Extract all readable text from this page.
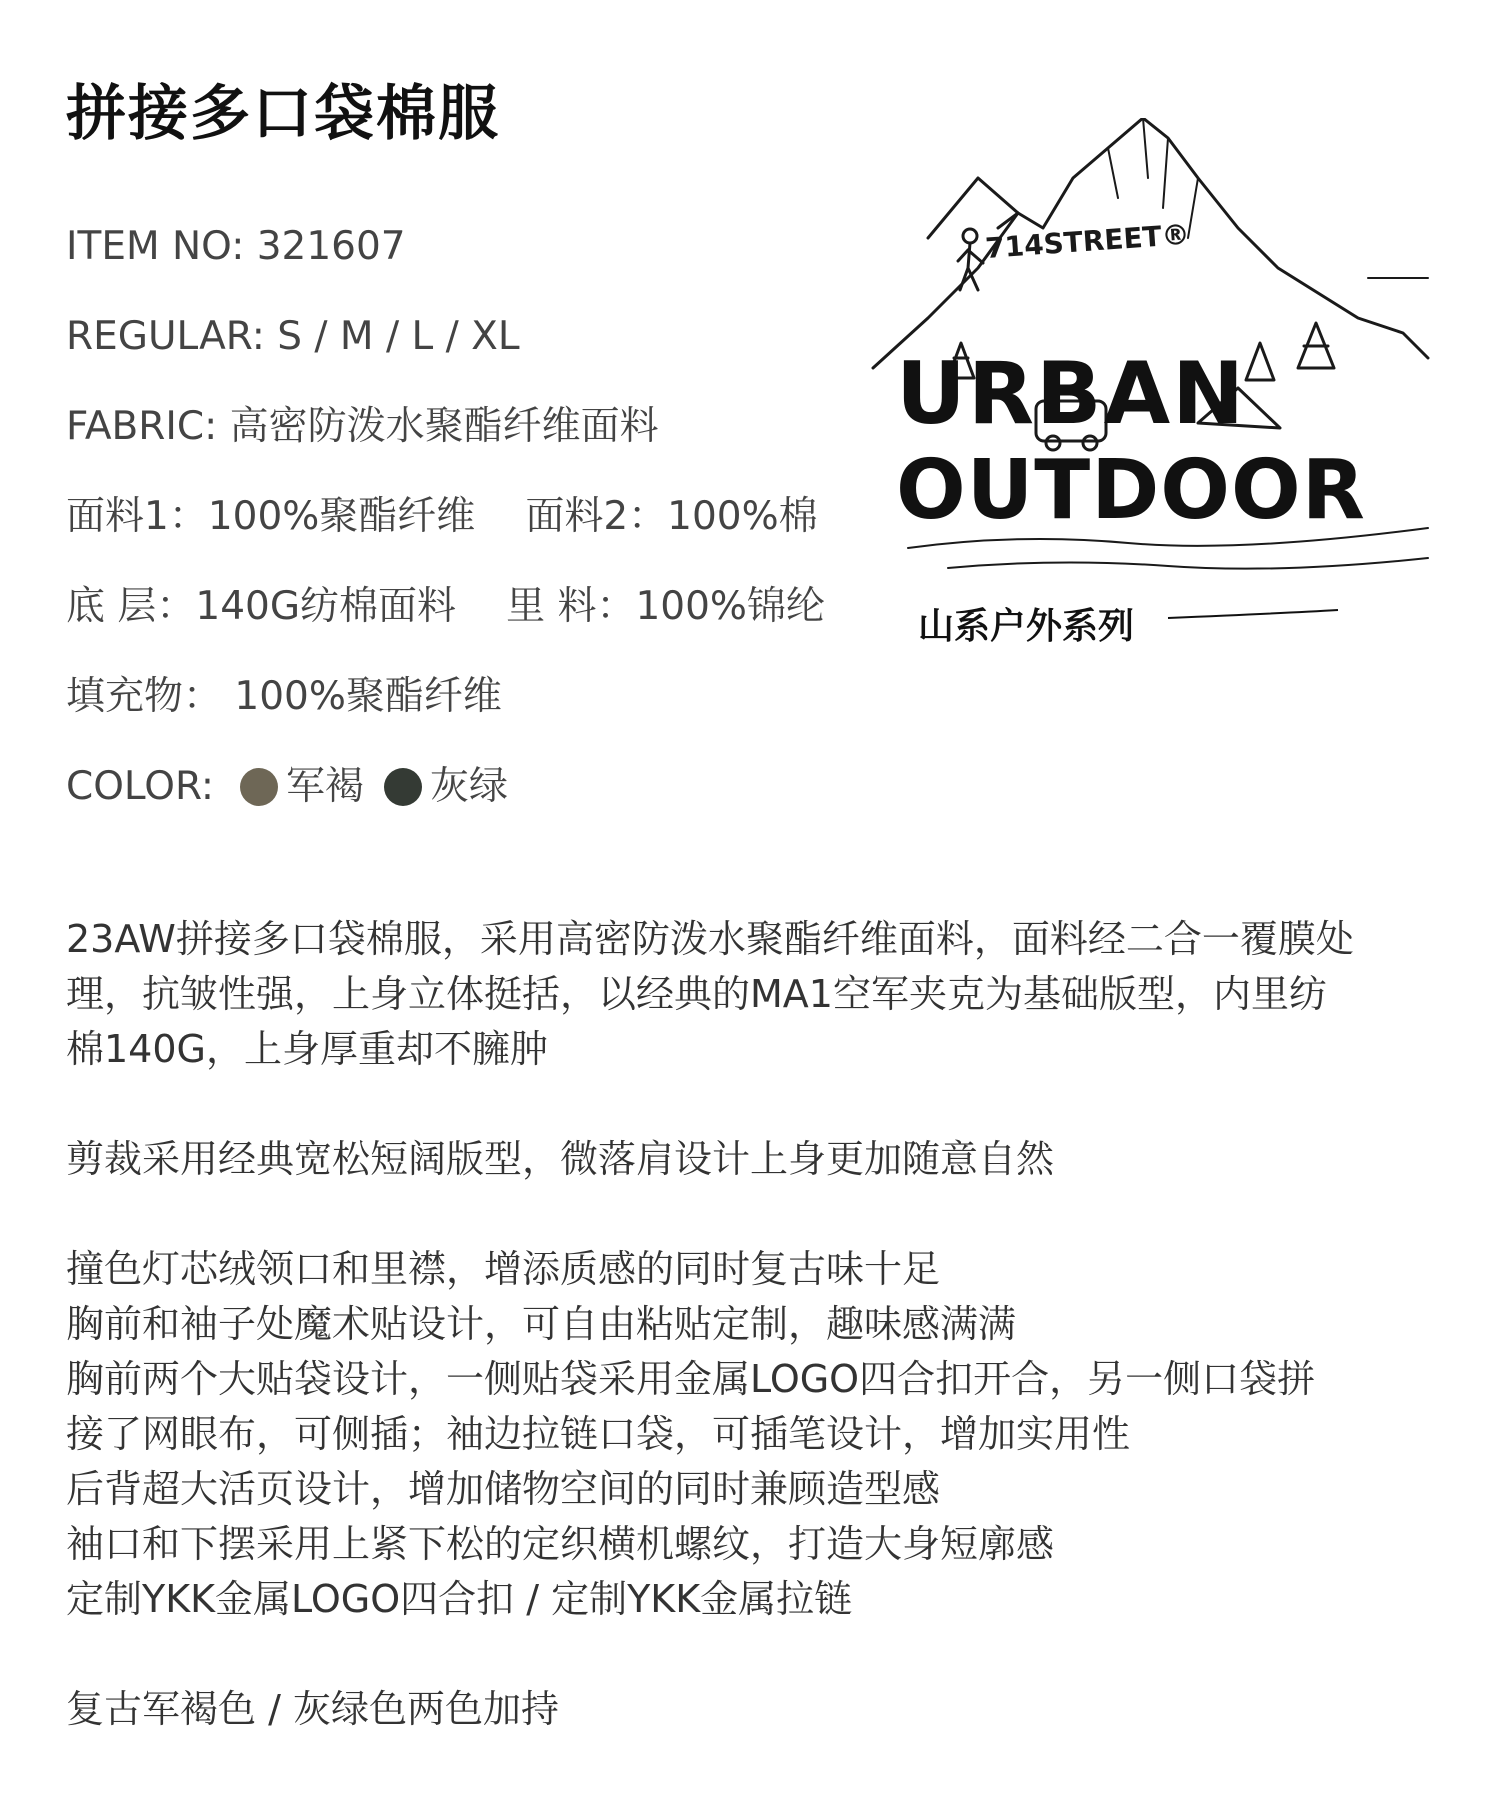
拼接多口袋棉服
ITEM NO: 321607
REGULAR: S / M / L / XL
FABRIC: 高密防泼水聚酯纤维面料
面料1：100%聚酯纤维 面料2：100%棉
底 层：140G纺棉面料 里 料：100%锦纶
填充物： 100%聚酯纤维
COLOR: 军褐 灰绿
714STREET®
URBAN
OUTDOOR
山系户外系列
23AW拼接多口袋棉服，采用高密防泼水聚酯纤维面料，面料经二合一覆膜处
理，抗皱性强，上身立体挺括，以经典的MA1空军夹克为基础版型，内里纺
棉140G，上身厚重却不臃肿
剪裁采用经典宽松短阔版型，微落肩设计上身更加随意自然
撞色灯芯绒领口和里襟，增添质感的同时复古味十足
胸前和袖子处魔术贴设计，可自由粘贴定制，趣味感满满
胸前两个大贴袋设计，一侧贴袋采用金属LOGO四合扣开合，另一侧口袋拼
接了网眼布，可侧插；袖边拉链口袋，可插笔设计，增加实用性
后背超大活页设计，增加储物空间的同时兼顾造型感
袖口和下摆采用上紧下松的定织横机螺纹，打造大身短廓感
定制YKK金属LOGO四合扣 / 定制YKK金属拉链
复古军褐色 / 灰绿色两色加持
